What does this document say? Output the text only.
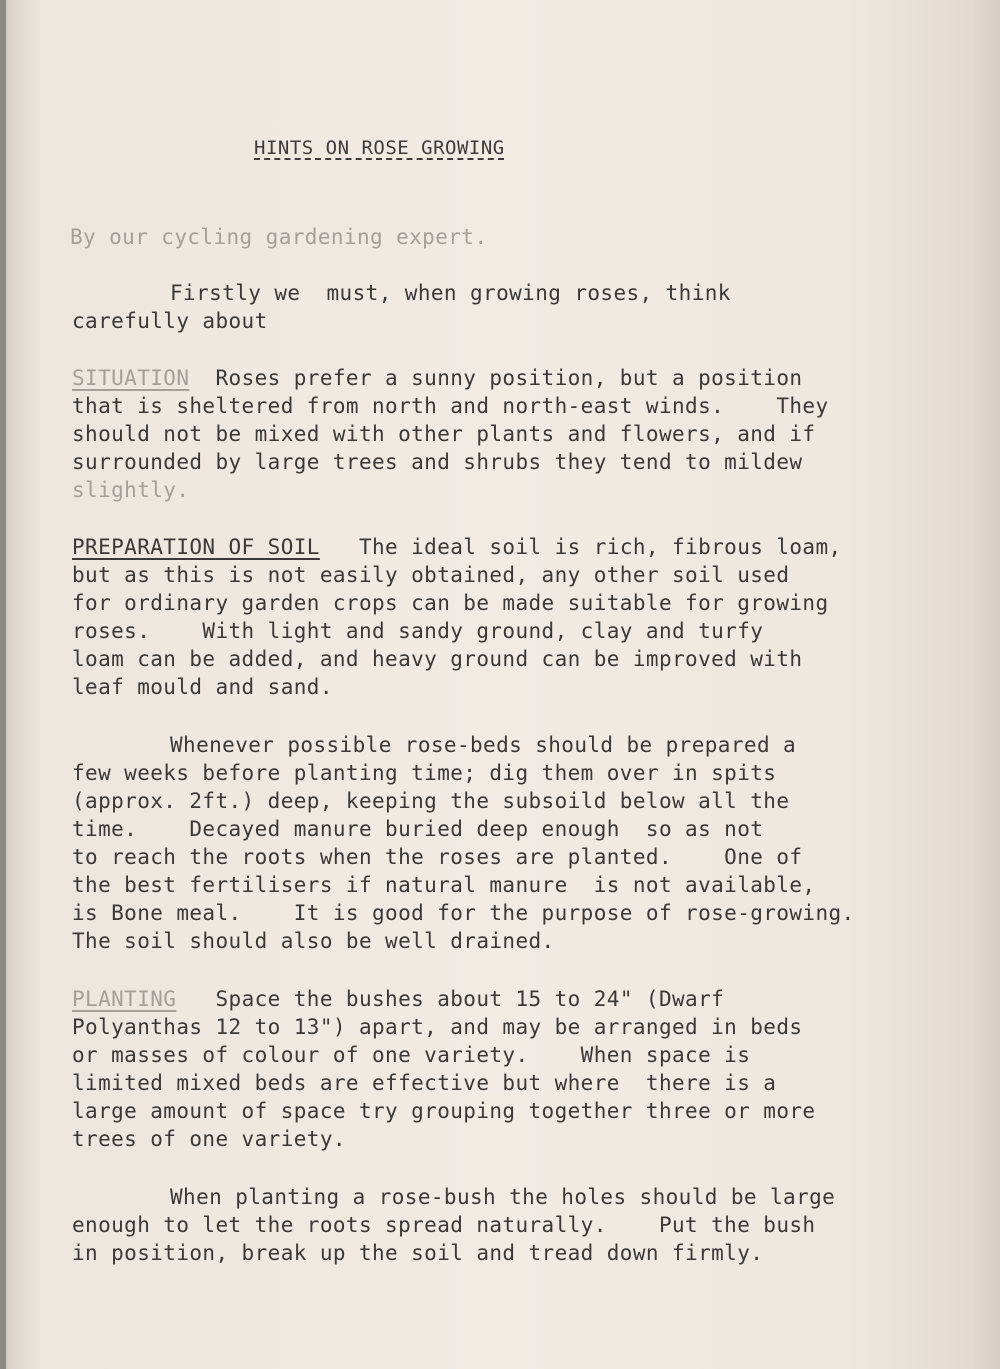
HINTS ON ROSE GROWING
By our cycling gardening expert.
Firstly we  must, when growing roses, think
carefully about
SITUATION  Roses prefer a sunny position, but a position
that is sheltered from north and north-east winds.    They
should not be mixed with other plants and flowers, and if
surrounded by large trees and shrubs they tend to mildew
slightly.
PREPARATION OF SOIL   The ideal soil is rich, fibrous loam,
but as this is not easily obtained, any other soil used
for ordinary garden crops can be made suitable for growing
roses.    With light and sandy ground, clay and turfy
loam can be added, and heavy ground can be improved with
leaf mould and sand.
Whenever possible rose-beds should be prepared a
few weeks before planting time; dig them over in spits
(approx. 2ft.) deep, keeping the subsoild below all the
time.    Decayed manure buried deep enough  so as not
to reach the roots when the roses are planted.    One of
the best fertilisers if natural manure  is not available,
is Bone meal.    It is good for the purpose of rose-growing.
The soil should also be well drained.
PLANTING   Space the bushes about 15 to 24" (Dwarf
Polyanthas 12 to 13") apart, and may be arranged in beds
or masses of colour of one variety.    When space is
limited mixed beds are effective but where  there is a
large amount of space try grouping together three or more
trees of one variety.
When planting a rose-bush the holes should be large
enough to let the roots spread naturally.    Put the bush
in position, break up the soil and tread down firmly.
